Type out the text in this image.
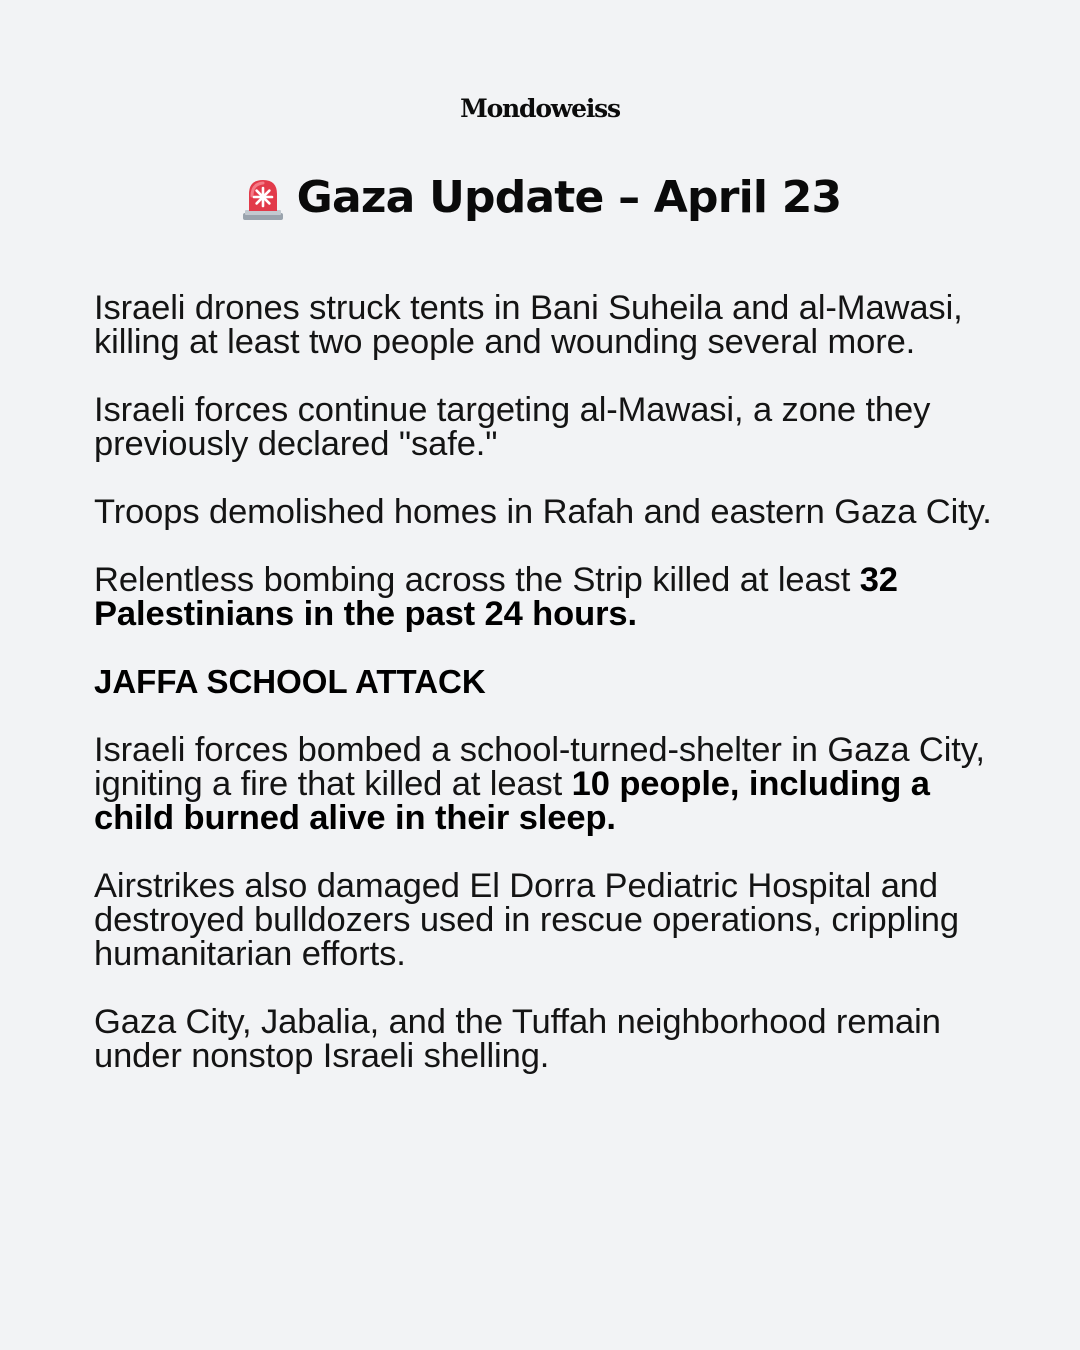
Mondoweiss
Gaza Update – April 23

Israeli drones struck tents in Bani Suheila and al-Mawasi, killing at least two people and wounding several more.

Israeli forces continue targeting al-Mawasi, a zone they previously declared "safe."

Troops demolished homes in Rafah and eastern Gaza City.

Relentless bombing across the Strip killed at least 32 Palestinians in the past 24 hours.

JAFFA SCHOOL ATTACK

Israeli forces bombed a school-turned-shelter in Gaza City, igniting a fire that killed at least 10 people, including a child burned alive in their sleep.

Airstrikes also damaged El Dorra Pediatric Hospital and destroyed bulldozers used in rescue operations, crippling humanitarian efforts.

Gaza City, Jabalia, and the Tuffah neighborhood remain under nonstop Israeli shelling.
